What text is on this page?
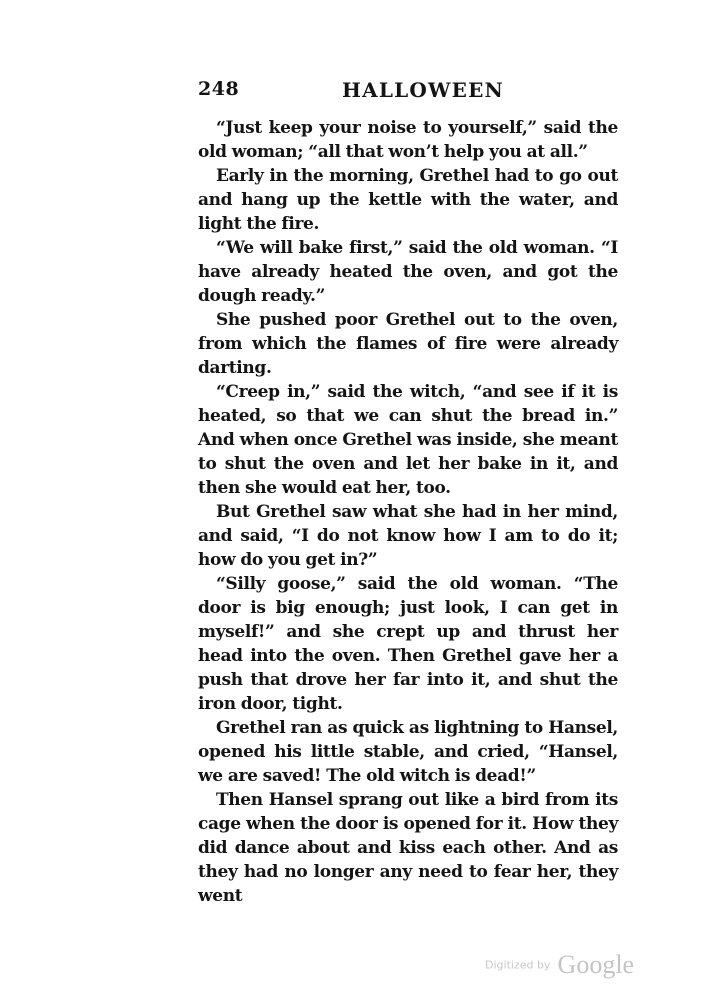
248	HALLOWEEN

“Just keep your noise to yourself,” said the old woman; “all that won’t help you at all.”

Early in the morning, Grethel had to go out and hang up the kettle with the water, and light the fire.

“We will bake first,” said the old woman. “I have already heated the oven, and got the dough ready.”

She pushed poor Grethel out to the oven, from which the flames of fire were already darting.

“Creep in,” said the witch, “and see if it is heated, so that we can shut the bread in.” And when once Grethel was inside, she meant to shut the oven and let her bake in it, and then she would eat her, too.

But Grethel saw what she had in her mind, and said, “I do not know how I am to do it; how do you get in?”

“Silly goose,” said the old woman. “The door is big enough; just look, I can get in myself!” and she crept up and thrust her head into the oven. Then Grethel gave her a push that drove her far into it, and shut the iron door, tight.

Grethel ran as quick as lightning to Hansel, opened his little stable, and cried, “Hansel, we are saved! The old witch is dead!”

Then Hansel sprang out like a bird from its cage when the door is opened for it. How they did dance about and kiss each other. And as they had no longer any need to fear her, they went

Digitized by Google
